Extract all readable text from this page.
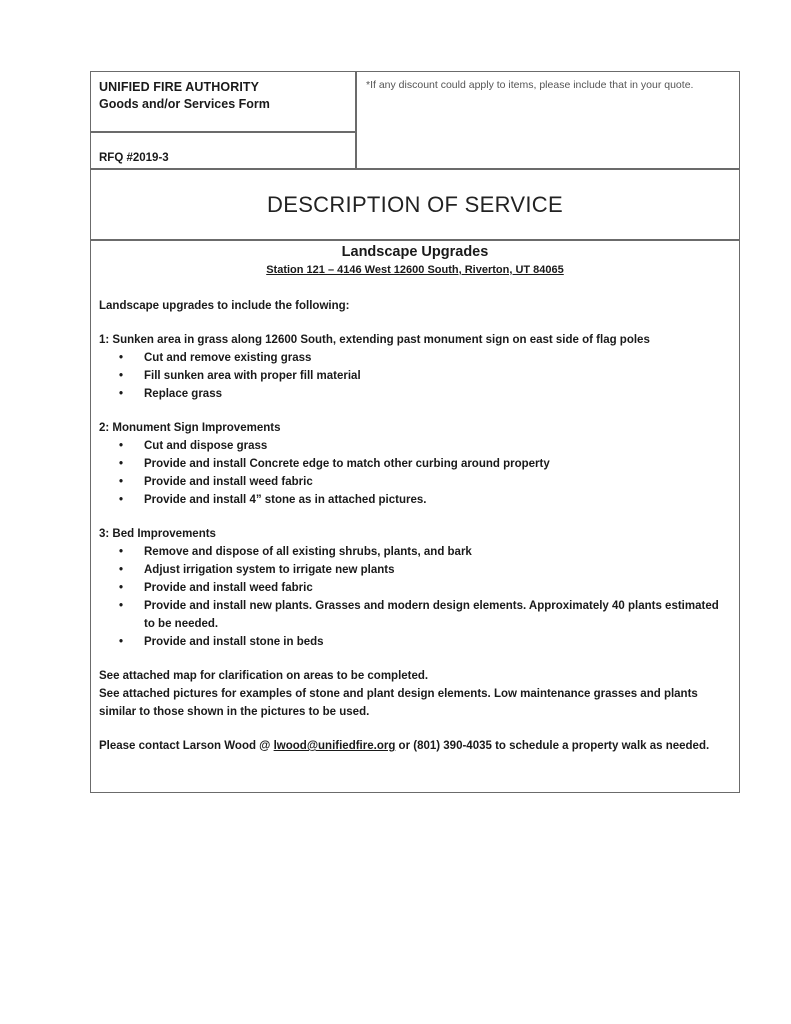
UNIFIED FIRE AUTHORITY
Goods and/or Services Form
RFQ #2019-3
*If any discount could apply to items, please include that in your quote.
DESCRIPTION OF SERVICE
Landscape Upgrades
Station 121 – 4146 West 12600 South, Riverton, UT 84065

Landscape upgrades to include the following:

1: Sunken area in grass along 12600 South, extending past monument sign on east side of flag poles

• Cut and remove existing grass
• Fill sunken area with proper fill material
• Replace grass

2: Monument Sign Improvements

• Cut and dispose grass
• Provide and install Concrete edge to match other curbing around property
• Provide and install weed fabric
• Provide and install 4” stone as in attached pictures.

3: Bed Improvements

• Remove and dispose of all existing shrubs, plants, and bark
• Adjust irrigation system to irrigate new plants
• Provide and install weed fabric
• Provide and install new plants. Grasses and modern design elements. Approximately 40 plants estimated to be needed.
• Provide and install stone in beds

See attached map for clarification on areas to be completed.

See attached pictures for examples of stone and plant design elements. Low maintenance grasses and plants similar to those shown in the pictures to be used.

Please contact Larson Wood @ lwood@unifiedfire.org or (801) 390-4035 to schedule a property walk as needed.
